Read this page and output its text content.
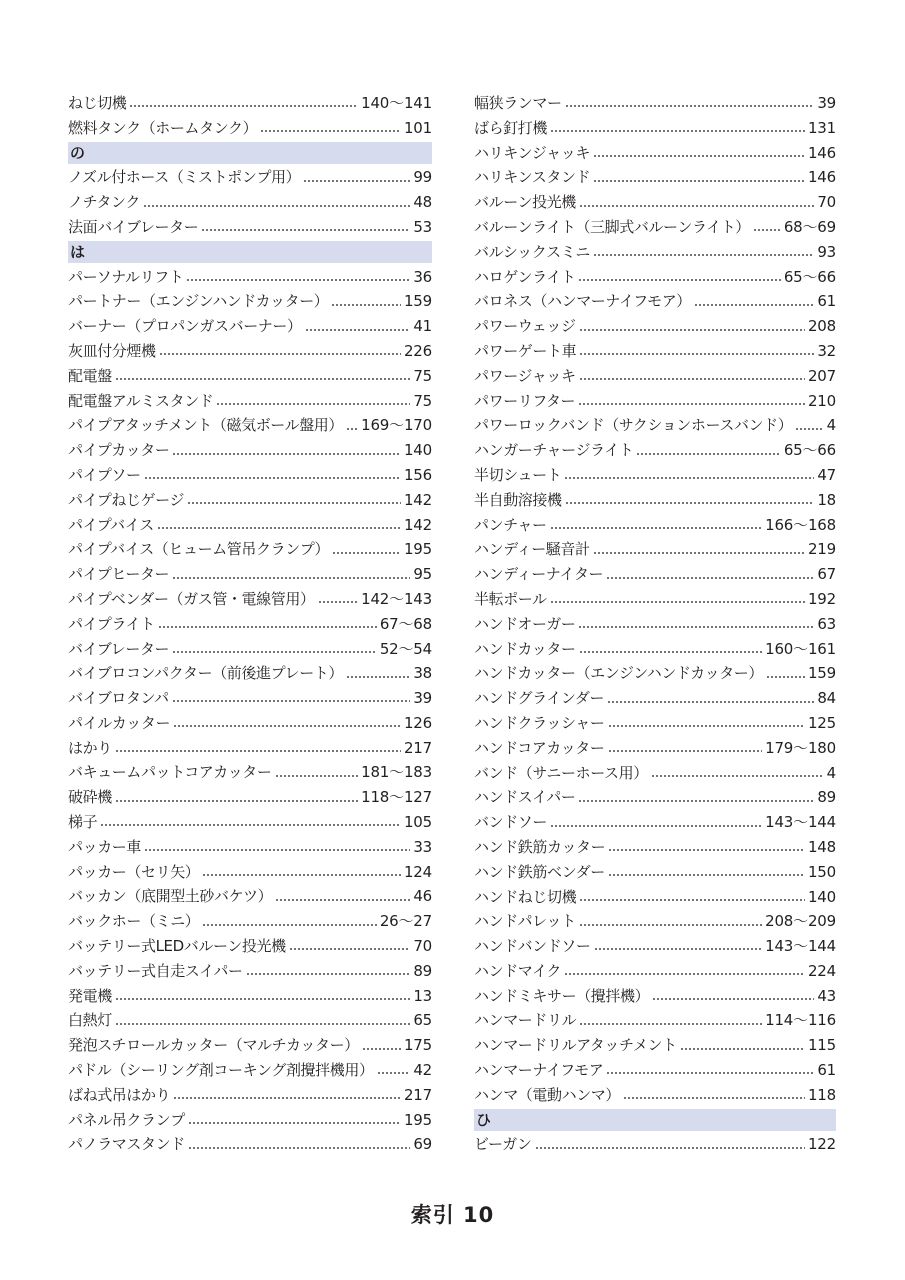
ねじ切機	140〜141
燃料タンク（ホームタンク）	101
の
ノズル付ホース（ミストポンプ用）	99
ノチタンク	48
法面バイブレーター	53
は
パーソナルリフト	36
パートナー（エンジンハンドカッター）	159
バーナー（プロパンガスバーナー）	41
灰皿付分煙機	226
配電盤	75
配電盤アルミスタンド	75
パイプアタッチメント（磁気ボール盤用） 169〜170
パイプカッター	140
パイプソー	156
パイプねじゲージ	142
パイプバイス	142
パイプバイス（ヒューム管吊クランプ）	195
パイプヒーター	95
パイプベンダー（ガス管・電線管用）	142〜143
パイプライト	67〜68
バイブレーター	52〜54
バイブロコンパクター（前後進プレート）	38
バイブロタンパ	39
パイルカッター	126
はかり	217
バキュームパットコアカッター	181〜183
破砕機	118〜127
梯子	105
パッカー車	33
パッカー（セリ矢）	124
バッカン（底開型土砂バケツ）	46
バックホー（ミニ）	26〜27
バッテリー式LEDバルーン投光機	70
バッテリー式自走スイパー	89
発電機	13
白熱灯	65
発泡スチロールカッター（マルチカッター）	175
パドル（シーリング剤コーキング剤攪拌機用）	42
ばね式吊はかり	217
パネル吊クランプ	195
パノラマスタンド	69
幅狭ランマー	39
ばら釘打機	131
ハリキンジャッキ	146
ハリキンスタンド	146
バルーン投光機	70
バルーンライト（三脚式バルーンライト） 68〜69
バルシックスミニ	93
ハロゲンライト	65〜66
バロネス（ハンマーナイフモア）	61
パワーウェッジ	208
パワーゲート車	32
パワージャッキ	207
パワーリフター	210
パワーロックバンド（サクションホースバンド） 4
ハンガーチャージライト	65〜66
半切シュート	47
半自動溶接機	18
パンチャー	166〜168
ハンディー騒音計	219
ハンディーナイター	67
半転ポール	192
ハンドオーガー	63
ハンドカッター	160〜161
ハンドカッター（エンジンハンドカッター）	159
ハンドグラインダー	84
ハンドクラッシャー	125
ハンドコアカッター	179〜180
バンド（サニーホース用）	4
ハンドスイパー	89
バンドソー	143〜144
ハンド鉄筋カッター	148
ハンド鉄筋ベンダー	150
ハンドねじ切機	140
ハンドパレット	208〜209
ハンドバンドソー	143〜144
ハンドマイク	224
ハンドミキサー（攪拌機）	43
ハンマードリル	114〜116
ハンマードリルアタッチメント	115
ハンマーナイフモア	61
ハンマ（電動ハンマ）	118
ひ
ビーガン	122
索引 10
